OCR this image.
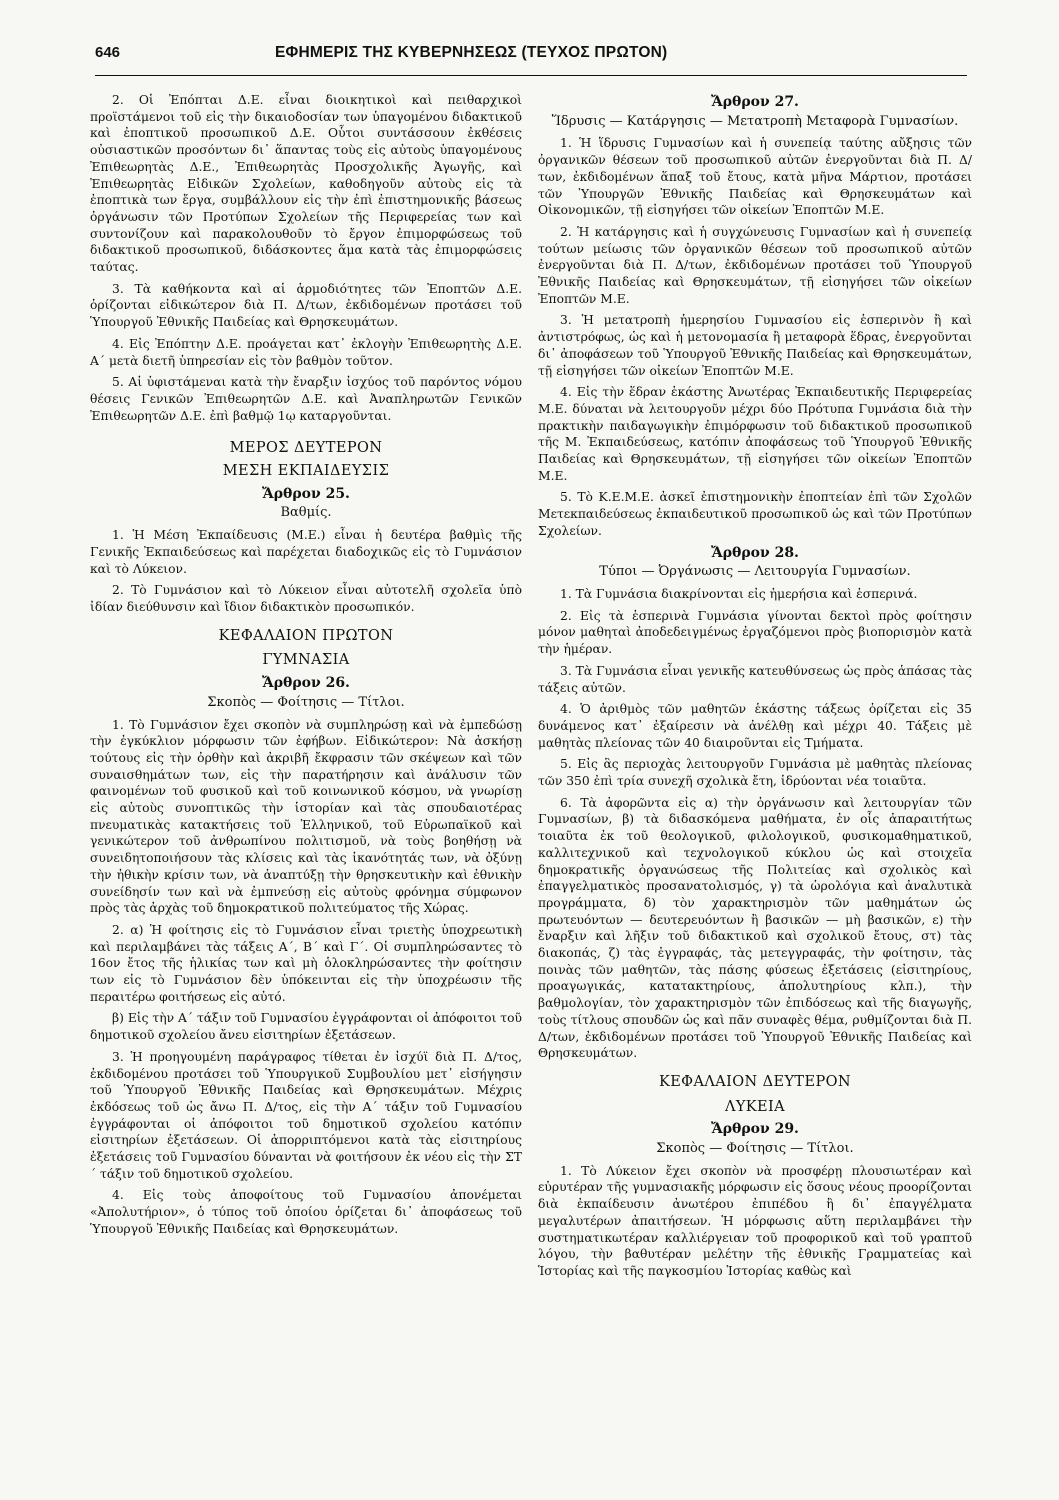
646	ΕΦΗΜΕΡΙΣ ΤΗΣ ΚΥΒΕΡΝΗΣΕΩΣ (ΤΕΥΧΟΣ ΠΡΩΤΟΝ)

2. Οἱ Ἐπόπται Δ.Ε. εἶναι διοικητικοὶ καὶ πειθαρχικοὶ προϊστάμενοι τοῦ εἰς τὴν δικαιοδοσίαν των ὑπαγομένου διδακτικοῦ καὶ ἐποπτικοῦ προσωπικοῦ Δ.Ε. Οὗτοι συντάσσουν ἐκθέσεις οὐσιαστικῶν προσόντων δι᾿ ἅπαντας τοὺς εἰς αὐτοὺς ὑπαγομένους Ἐπιθεωρητὰς Δ.Ε., Ἐπιθεωρητὰς Προσχολικῆς Ἀγωγῆς, καὶ Ἐπιθεωρητὰς Εἰδικῶν Σχολείων, καθοδηγοῦν αὐτοὺς εἰς τὰ ἐποπτικὰ των ἔργα, συμβάλλουν εἰς τὴν ἐπὶ ἐπιστημονικῆς βάσεως ὀργάνωσιν τῶν Προτύπων Σχολείων τῆς Περιφερείας των καὶ συντονίζουν καὶ παρακολουθοῦν τὸ ἔργον ἐπιμορφώσεως τοῦ διδακτικοῦ προσωπικοῦ, διδάσκοντες ἅμα κατὰ τὰς ἐπιμορφώσεις ταύτας.

3. Τὰ καθήκοντα καὶ αἱ ἁρμοδιότητες τῶν Ἐποπτῶν Δ.Ε. ὁρίζονται εἰδικώτερον διὰ Π. Δ/των, ἐκδιδομένων προτάσει τοῦ Ὑπουργοῦ Ἐθνικῆς Παιδείας καὶ Θρησκευμάτων.

4. Εἰς Ἐπόπτην Δ.Ε. προάγεται κατ᾿ ἐκλογὴν Ἐπιθεωρητὴς Δ.Ε. Α´ μετὰ διετῆ ὑπηρεσίαν εἰς τὸν βαθμὸν τοῦτον.

5. Αἱ ὑφιστάμεναι κατὰ τὴν ἔναρξιν ἰσχύος τοῦ παρόντος νόμου θέσεις Γενικῶν Ἐπιθεωρητῶν Δ.Ε. καὶ Ἀναπληρωτῶν Γενικῶν Ἐπιθεωρητῶν Δ.Ε. ἐπὶ βαθμῷ 1ῳ καταργοῦνται.

ΜΕΡΟΣ ΔΕΥΤΕΡΟΝ
ΜΕΣΗ ΕΚΠΑΙΔΕΥΣΙΣ
Ἄρθρον 25.
Βαθμίς.

1. Ἡ Μέση Ἐκπαίδευσις (Μ.Ε.) εἶναι ἡ δευτέρα βαθμὶς τῆς Γενικῆς Ἐκπαιδεύσεως καὶ παρέχεται διαδοχικῶς εἰς τὸ Γυμνάσιον καὶ τὸ Λύκειον.

2. Τὸ Γυμνάσιον καὶ τὸ Λύκειον εἶναι αὐτοτελῆ σχολεῖα ὑπὸ ἰδίαν διεύθυνσιν καὶ ἴδιον διδακτικὸν προσωπικόν.

ΚΕΦΑΛΑΙΟΝ ΠΡΩΤΟΝ
ΓΥΜΝΑΣΙΑ
Ἄρθρον 26.
Σκοπὸς — Φοίτησις — Τίτλοι.

1. Τὸ Γυμνάσιον ἔχει σκοπὸν νὰ συμπληρώσῃ καὶ νὰ ἐμπεδώσῃ τὴν ἐγκύκλιον μόρφωσιν τῶν ἐφήβων. Εἰδικώτερον: Νὰ ἀσκήσῃ τούτους εἰς τὴν ὀρθὴν καὶ ἀκριβῆ ἔκφρασιν τῶν σκέψεων καὶ τῶν συναισθημάτων των, εἰς τὴν παρατήρησιν καὶ ἀνάλυσιν τῶν φαινομένων τοῦ φυσικοῦ καὶ τοῦ κοινωνικοῦ κόσμου, νὰ γνωρίσῃ εἰς αὐτοὺς συνοπτικῶς τὴν ἱστορίαν καὶ τὰς σπουδαιοτέρας πνευματικὰς κατακτήσεις τοῦ Ἑλληνικοῦ, τοῦ Εὐρωπαϊκοῦ καὶ γενικώτερον τοῦ ἀνθρωπίνου πολιτισμοῦ, νὰ τοὺς βοηθήσῃ νὰ συνειδητοποιήσουν τὰς κλίσεις καὶ τὰς ἱκανότητάς των, νὰ ὀξύνῃ τὴν ἠθικὴν κρίσιν των, νὰ ἀναπτύξῃ τὴν θρησκευτικὴν καὶ ἐθνικὴν συνείδησίν των καὶ νὰ ἐμπνεύσῃ εἰς αὐτοὺς φρόνημα σύμφωνον πρὸς τὰς ἀρχὰς τοῦ δημοκρατικοῦ πολιτεύματος τῆς Χώρας.

2. α) Ἡ φοίτησις εἰς τὸ Γυμνάσιον εἶναι τριετὴς ὑποχρεωτικὴ καὶ περιλαμβάνει τὰς τάξεις Α´, Β´ καὶ Γ´. Οἱ συμπληρώσαντες τὸ 16ον ἔτος τῆς ἡλικίας των καὶ μὴ ὁλοκληρώσαντες τὴν φοίτησιν των εἰς τὸ Γυμνάσιον δὲν ὑπόκεινται εἰς τὴν ὑποχρέωσιν τῆς περαιτέρω φοιτήσεως εἰς αὐτό.

β) Εἰς τὴν Α´ τάξιν τοῦ Γυμνασίου ἐγγράφονται οἱ ἀπόφοιτοι τοῦ δημοτικοῦ σχολείου ἄνευ εἰσιτηρίων ἐξετάσεων.

3. Ἡ προηγουμένη παράγραφος τίθεται ἐν ἰσχύϊ διὰ Π. Δ/τος, ἐκδιδομένου προτάσει τοῦ Ὑπουργικοῦ Συμβουλίου μετ᾿ εἰσήγησιν τοῦ Ὑπουργοῦ Ἐθνικῆς Παιδείας καὶ Θρησκευμάτων. Μέχρις ἐκδόσεως τοῦ ὡς ἄνω Π. Δ/τος, εἰς τὴν Α´ τάξιν τοῦ Γυμνασίου ἐγγράφονται οἱ ἀπόφοιτοι τοῦ δημοτικοῦ σχολείου κατόπιν εἰσιτηρίων ἐξετάσεων. Οἱ ἀπορριπτόμενοι κατὰ τὰς εἰσιτηρίους ἐξετάσεις τοῦ Γυμνασίου δύνανται νὰ φοιτήσουν ἐκ νέου εἰς τὴν ΣΤ´ τάξιν τοῦ δημοτικοῦ σχολείου.

4. Εἰς τοὺς ἀποφοίτους τοῦ Γυμνασίου ἀπονέμεται «Ἀπολυτήριον», ὁ τύπος τοῦ ὁποίου ὁρίζεται δι᾿ ἀποφάσεως τοῦ Ὑπουργοῦ Ἐθνικῆς Παιδείας καὶ Θρησκευμάτων.

Ἄρθρον 27.
Ἵδρυσις — Κατάργησις — Μετατροπὴ Μεταφορὰ Γυμνασίων.

1. Ἡ ἵδρυσις Γυμνασίων καὶ ἡ συνεπείᾳ ταύτης αὔξησις τῶν ὀργανικῶν θέσεων τοῦ προσωπικοῦ αὐτῶν ἐνεργοῦνται διὰ Π. Δ/των, ἐκδιδομένων ἅπαξ τοῦ ἔτους, κατὰ μῆνα Μάρτιον, προτάσει τῶν Ὑπουργῶν Ἐθνικῆς Παιδείας καὶ Θρησκευμάτων καὶ Οἰκονομικῶν, τῇ εἰσηγήσει τῶν οἰκείων Ἐποπτῶν Μ.Ε.

2. Ἡ κατάργησις καὶ ἡ συγχώνευσις Γυμνασίων καὶ ἡ συνεπείᾳ τούτων μείωσις τῶν ὀργανικῶν θέσεων τοῦ προσωπικοῦ αὐτῶν ἐνεργοῦνται διὰ Π. Δ/των, ἐκδιδομένων προτάσει τοῦ Ὑπουργοῦ Ἐθνικῆς Παιδείας καὶ Θρησκευμάτων, τῇ εἰσηγήσει τῶν οἰκείων Ἐποπτῶν Μ.Ε.

3. Ἡ μετατροπὴ ἡμερησίου Γυμνασίου εἰς ἑσπερινὸν ἢ καὶ ἀντιστρόφως, ὡς καὶ ἡ μετονομασία ἢ μεταφορὰ ἕδρας, ἐνεργοῦνται δι᾿ ἀποφάσεων τοῦ Ὑπουργοῦ Ἐθνικῆς Παιδείας καὶ Θρησκευμάτων, τῇ εἰσηγήσει τῶν οἰκείων Ἐποπτῶν Μ.Ε.

4. Εἰς τὴν ἕδραν ἑκάστης Ἀνωτέρας Ἐκπαιδευτικῆς Περιφερείας Μ.Ε. δύναται νὰ λειτουργοῦν μέχρι δύο Πρότυπα Γυμνάσια διὰ τὴν πρακτικὴν παιδαγωγικὴν ἐπιμόρφωσιν τοῦ διδακτικοῦ προσωπικοῦ τῆς Μ. Ἐκπαιδεύσεως, κατόπιν ἀποφάσεως τοῦ Ὑπουργοῦ Ἐθνικῆς Παιδείας καὶ Θρησκευμάτων, τῇ εἰσηγήσει τῶν οἰκείων Ἐποπτῶν Μ.Ε.

5. Τὸ Κ.Ε.Μ.Ε. ἀσκεῖ ἐπιστημονικὴν ἐποπτείαν ἐπὶ τῶν Σχολῶν Μετεκπαιδεύσεως ἐκπαιδευτικοῦ προσωπικοῦ ὡς καὶ τῶν Προτύπων Σχολείων.

Ἄρθρον 28.
Τύποι — Ὀργάνωσις — Λειτουργία Γυμνασίων.

1. Τὰ Γυμνάσια διακρίνονται εἰς ἡμερήσια καὶ ἑσπερινά.

2. Εἰς τὰ ἑσπερινὰ Γυμνάσια γίνονται δεκτοὶ πρὸς φοίτησιν μόνον μαθηταὶ ἀποδεδειγμένως ἐργαζόμενοι πρὸς βιοπορισμὸν κατὰ τὴν ἡμέραν.

3. Τὰ Γυμνάσια εἶναι γενικῆς κατευθύνσεως ὡς πρὸς ἁπάσας τὰς τάξεις αὐτῶν.

4. Ὁ ἀριθμὸς τῶν μαθητῶν ἑκάστης τάξεως ὁρίζεται εἰς 35 δυνάμενος κατ᾿ ἐξαίρεσιν νὰ ἀνέλθῃ καὶ μέχρι 40. Τάξεις μὲ μαθητὰς πλείονας τῶν 40 διαιροῦνται εἰς Τμήματα.

5. Εἰς ἃς περιοχὰς λειτουργοῦν Γυμνάσια μὲ μαθητὰς πλείονας τῶν 350 ἐπὶ τρία συνεχῆ σχολικὰ ἔτη, ἱδρύονται νέα τοιαῦτα.

6. Τὰ ἀφορῶντα εἰς α) τὴν ὀργάνωσιν καὶ λειτουργίαν τῶν Γυμνασίων, β) τὰ διδασκόμενα μαθήματα, ἐν οἷς ἀπαραιτήτως τοιαῦτα ἐκ τοῦ θεολογικοῦ, φιλολογικοῦ, φυσικομαθηματικοῦ, καλλιτεχνικοῦ καὶ τεχνολογικοῦ κύκλου ὡς καὶ στοιχεῖα δημοκρατικῆς ὀργανώσεως τῆς Πολιτείας καὶ σχολικὸς καὶ ἐπαγγελματικὸς προσανατολισμός, γ) τὰ ὡρολόγια καὶ ἀναλυτικὰ προγράμματα, δ) τὸν χαρακτηρισμὸν τῶν μαθημάτων ὡς πρωτευόντων — δευτερευόντων ἢ βασικῶν — μὴ βασικῶν, ε) τὴν ἔναρξιν καὶ λῆξιν τοῦ διδακτικοῦ καὶ σχολικοῦ ἔτους, στ) τὰς διακοπάς, ζ) τὰς ἐγγραφάς, τὰς μετεγγραφάς, τὴν φοίτησιν, τὰς ποινὰς τῶν μαθητῶν, τὰς πάσης φύσεως ἐξετάσεις (εἰσιτηρίους, προαγωγικάς, κατατακτηρίους, ἀπολυτηρίους κλπ.), τὴν βαθμολογίαν, τὸν χαρακτηρισμὸν τῶν ἐπιδόσεως καὶ τῆς διαγωγῆς, τοὺς τίτλους σπουδῶν ὡς καὶ πᾶν συναφὲς θέμα, ρυθμίζονται διὰ Π. Δ/των, ἐκδιδομένων προτάσει τοῦ Ὑπουργοῦ Ἐθνικῆς Παιδείας καὶ Θρησκευμάτων.

ΚΕΦΑΛΑΙΟΝ ΔΕΥΤΕΡΟΝ
ΛΥΚΕΙΑ
Ἄρθρον 29.
Σκοπὸς — Φοίτησις — Τίτλοι.

1. Τὸ Λύκειον ἔχει σκοπὸν νὰ προσφέρῃ πλουσιωτέραν καὶ εὐρυτέραν τῆς γυμνασιακῆς μόρφωσιν εἰς ὅσους νέους προορίζονται διὰ ἐκπαίδευσιν ἀνωτέρου ἐπιπέδου ἢ δι᾿ ἐπαγγέλματα μεγαλυτέρων ἀπαιτήσεων. Ἡ μόρφωσις αὕτη περιλαμβάνει τὴν συστηματικωτέραν καλλιέργειαν τοῦ προφορικοῦ καὶ τοῦ γραπτοῦ λόγου, τὴν βαθυτέραν μελέτην τῆς ἐθνικῆς Γραμματείας καὶ Ἱστορίας καὶ τῆς παγκοσμίου Ἱστορίας καθὼς καὶ
